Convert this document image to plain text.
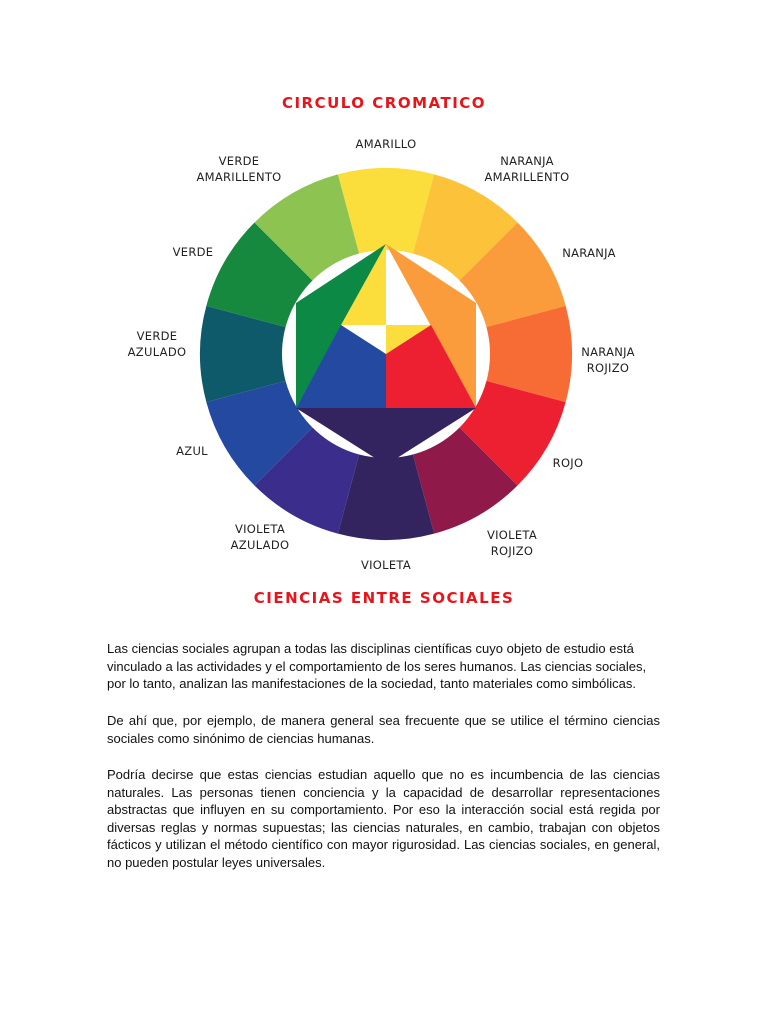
CIRCULO CROMATICO
AMARILLO
NARANJA
AMARILLENTO
NARANJA
NARANJA
ROJIZO
ROJO
VIOLETA
ROJIZO
VIOLETA
VIOLETA
AZULADO
AZUL
VERDE
AZULADO
VERDE
VERDE
AMARILLENTO
CIENCIAS ENTRE SOCIALES

Las ciencias sociales agrupan a todas las disciplinas científicas cuyo objeto de estudio está vinculado a las actividades y el comportamiento de los seres humanos. Las ciencias sociales, por lo tanto, analizan las manifestaciones de la sociedad, tanto materiales como simbólicas.

De ahí que, por ejemplo, de manera general sea frecuente que se utilice el término ciencias sociales como sinónimo de ciencias humanas.

Podría decirse que estas ciencias estudian aquello que no es incumbencia de las ciencias naturales. Las personas tienen conciencia y la capacidad de desarrollar representaciones abstractas que influyen en su comportamiento. Por eso la interacción social está regida por diversas reglas y normas supuestas; las ciencias naturales, en cambio, trabajan con objetos fácticos y utilizan el método científico con mayor rigurosidad. Las ciencias sociales, en general, no pueden postular leyes universales.
